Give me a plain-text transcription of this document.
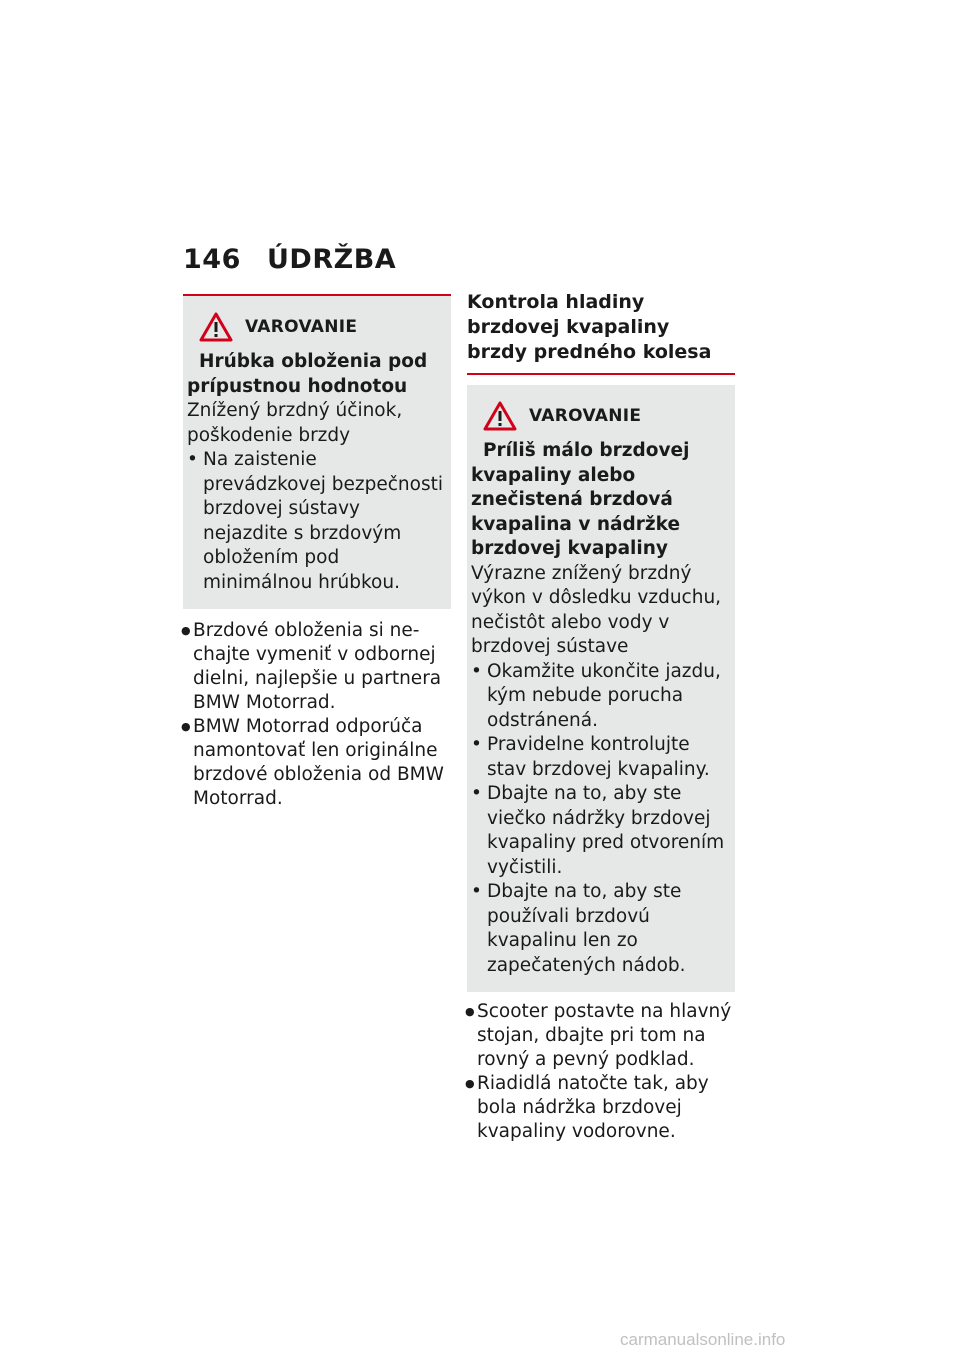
146 ÚDRŽBA
VAROVANIE
Hrúbka obloženia pod prípustnou hodnotou
Znížený brzdný účinok, poškodenie brzdy
• Na zaistenie prevádzkovej bezpečnosti brzdovej sústavy nejazdite s brzdovým obložením pod minimálnou hrúbkou.
● Brzdové obloženia si nechajte vymeniť v odbornej dielni, najlepšie u partnera BMW Motorrad.
● BMW Motorrad odporúča namontovať len originálne brzdové obloženia od BMW Motorrad.
Kontrola hladiny brzdovej kvapaliny brzdy predného kolesa
VAROVANIE
Príliš málo brzdovej kvapaliny alebo znečistená brzdová kvapalina v nádržke brzdovej kvapaliny
Výrazne znížený brzdný výkon v dôsledku vzduchu, nečistôt alebo vody v brzdovej sústave
• Okamžite ukončite jazdu, kým nebude porucha odstránená.
• Pravidelne kontrolujte stav brzdovej kvapaliny.
• Dbajte na to, aby ste viečko nádržky brzdovej kvapaliny pred otvorením vyčistili.
• Dbajte na to, aby ste používali brzdovú kvapalinu len zo zapečatených nádob.
● Scooter postavte na hlavný stojan, dbajte pri tom na rovný a pevný podklad.
● Riadidlá natočte tak, aby bola nádržka brzdovej kvapaliny vodorovne.
carmanualsonline.info
